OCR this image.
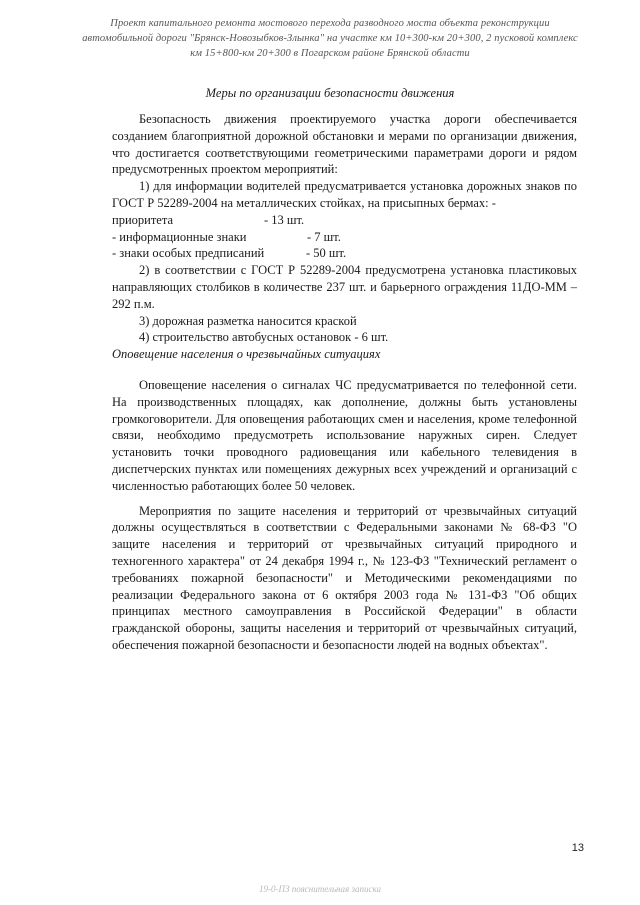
Проект капитального ремонта мостового перехода разводного моста объекта реконструкции
автомобильной дороги "Брянск-Новозыбков-Злынка" на участке км 10+300-км 20+300, 2 пусковой комплекс
км 15+800-км 20+300 в Погарском районе Брянской области
Меры по организации безопасности движения

Безопасность движения проектируемого участка дороги обеспечивается созданием благоприятной дорожной обстановки и мерами по организации движения, что достигается соответствующими геометрическими параметрами дороги и рядом предусмотренных проектом мероприятий:

1) для информации водителей предусматривается установка дорожных знаков по ГОСТ Р 52289-2004 на металлических стойках, на присыпных бермах: -

приоритета	- 13 шт.
- информационные знаки	- 7 шт.
- знаки особых предписаний	- 50 шт.

2) в соответствии с ГОСТ Р 52289-2004 предусмотрена установка пластиковых направляющих столбиков в количестве 237 шт. и барьерного ограждения 11ДО-ММ – 292 п.м.

3) дорожная разметка наносится краской

4) строительство автобусных остановок - 6 шт.

Оповещение населения о чрезвычайных ситуациях

Оповещение населения о сигналах ЧС предусматривается по телефонной сети. На производственных площадях, как дополнение, должны быть установлены громкоговорители. Для оповещения работающих смен и населения, кроме телефонной связи, необходимо предусмотреть использование наружных сирен. Следует установить точки проводного радиовещания или кабельного телевидения в диспетчерских пунктах или помещениях дежурных всех учреждений и организаций с численностью работающих более 50 человек.

Мероприятия по защите населения и территорий от чрезвычайных ситуаций должны осуществляться в соответствии с Федеральными законами № 68-ФЗ "О защите населения и территорий от чрезвычайных ситуаций природного и техногенного характера" от 24 декабря 1994 г., № 123-ФЗ "Технический регламент о требованиях пожарной безопасности" и Методическими рекомендациями по реализации Федерального закона от 6 октября 2003 года № 131-ФЗ "Об общих принципах местного самоуправления в Российской Федерации" в области гражданской обороны, защиты населения и территорий от чрезвычайных ситуаций, обеспечения пожарной безопасности и безопасности людей на водных объектах".

13
19-0-ПЗ пояснительная записка
